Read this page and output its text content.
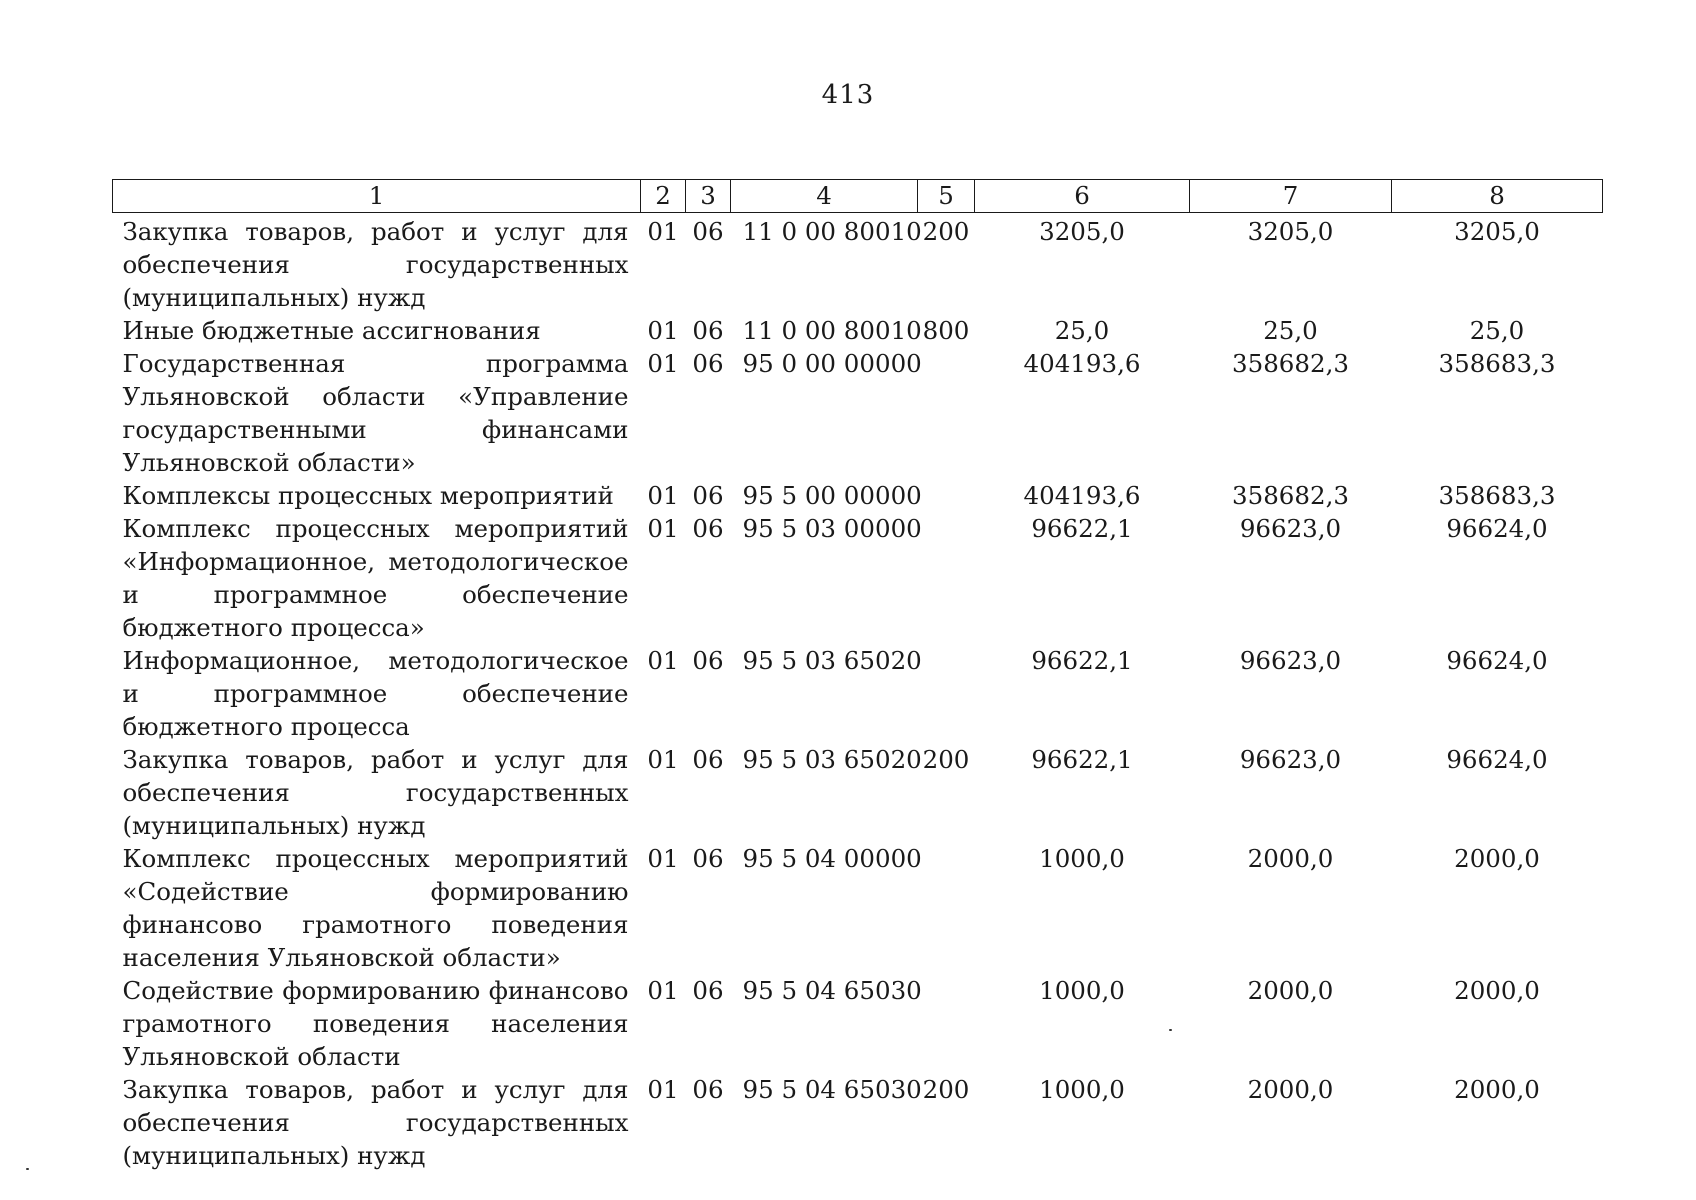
413
1	2	3	4	5	6	7	8
Закупка товаров, работ и услуг для обеспечения государственных (муниципальных) нужд	01	06	11 0 00 80010	200	3205,0	3205,0	3205,0
Иные бюджетные ассигнования	01	06	11 0 00 80010	800	25,0	25,0	25,0
Государственная программа Ульяновской области «Управление государственными финансами Ульяновской области»	01	06	95 0 00 00000		404193,6	358682,3	358683,3
Комплексы процессных мероприятий	01	06	95 5 00 00000		404193,6	358682,3	358683,3
Комплекс процессных мероприятий «Информационное, методологическое и программное обеспечение бюджетного процесса»	01	06	95 5 03 00000		96622,1	96623,0	96624,0
Информационное, методологическое и программное обеспечение бюджетного процесса	01	06	95 5 03 65020		96622,1	96623,0	96624,0
Закупка товаров, работ и услуг для обеспечения государственных (муниципальных) нужд	01	06	95 5 03 65020	200	96622,1	96623,0	96624,0
Комплекс процессных мероприятий «Содействие формированию финансово грамотного поведения населения Ульяновской области»	01	06	95 5 04 00000		1000,0	2000,0	2000,0
Содействие формированию финансово грамотного поведения населения Ульяновской области	01	06	95 5 04 65030		1000,0	2000,0	2000,0
Закупка товаров, работ и услуг для обеспечения государственных (муниципальных) нужд	01	06	95 5 04 65030	200	1000,0	2000,0	2000,0
